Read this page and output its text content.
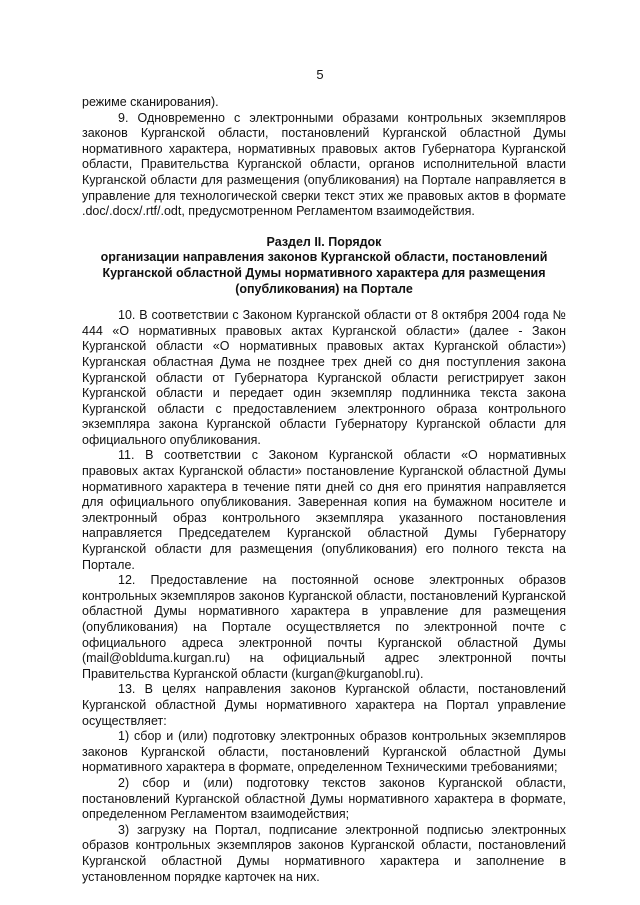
5

режиме сканирования).

9. Одновременно с электронными образами контрольных экземпляров законов Курганской области, постановлений Курганской областной Думы нормативного характера, нормативных правовых актов Губернатора Курганской области, Правительства Курганской области, органов исполнительной власти Курганской области для размещения (опубликования) на Портале направляется в управление для технологической сверки текст этих же правовых актов в формате .doc/.docx/.rtf/.odt, предусмотренном Регламентом взаимодействия.

Раздел II. Порядок
организации направления законов Курганской области, постановлений Курганской областной Думы нормативного характера для размещения (опубликования) на Портале

10. В соответствии с Законом Курганской области от 8 октября 2004 года № 444 «О нормативных правовых актах Курганской области» (далее - Закон Курганской области «О нормативных правовых актах Курганской области») Курганская областная Дума не позднее трех дней со дня поступления закона Курганской области от Губернатора Курганской области регистрирует закон Курганской области и передает один экземпляр подлинника текста закона Курганской области с предоставлением электронного образа контрольного экземпляра закона Курганской области Губернатору Курганской области для официального опубликования.

11. В соответствии с Законом Курганской области «О нормативных правовых актах Курганской области» постановление Курганской областной Думы нормативного характера в течение пяти дней со дня его принятия направляется для официального опубликования. Заверенная копия на бумажном носителе и электронный образ контрольного экземпляра указанного постановления направляется Председателем Курганской областной Думы Губернатору Курганской области для размещения (опубликования) его полного текста на Портале.

12. Предоставление на постоянной основе электронных образов контрольных экземпляров законов Курганской области, постановлений Курганской областной Думы нормативного характера в управление для размещения (опубликования) на Портале осуществляется по электронной почте с официального адреса электронной почты Курганской областной Думы (mail@oblduma.kurgan.ru) на официальный адрес электронной почты Правительства Курганской области (kurgan@kurganobl.ru).

13. В целях направления законов Курганской области, постановлений Курганской областной Думы нормативного характера на Портал управление осуществляет:

1) сбор и (или) подготовку электронных образов контрольных экземпляров законов Курганской области, постановлений Курганской областной Думы нормативного характера в формате, определенном Техническими требованиями;

2) сбор и (или) подготовку текстов законов Курганской области, постановлений Курганской областной Думы нормативного характера в формате, определенном Регламентом взаимодействия;

3) загрузку на Портал, подписание электронной подписью электронных образов контрольных экземпляров законов Курганской области, постановлений Курганской областной Думы нормативного характера и заполнение в установленном порядке карточек на них.
